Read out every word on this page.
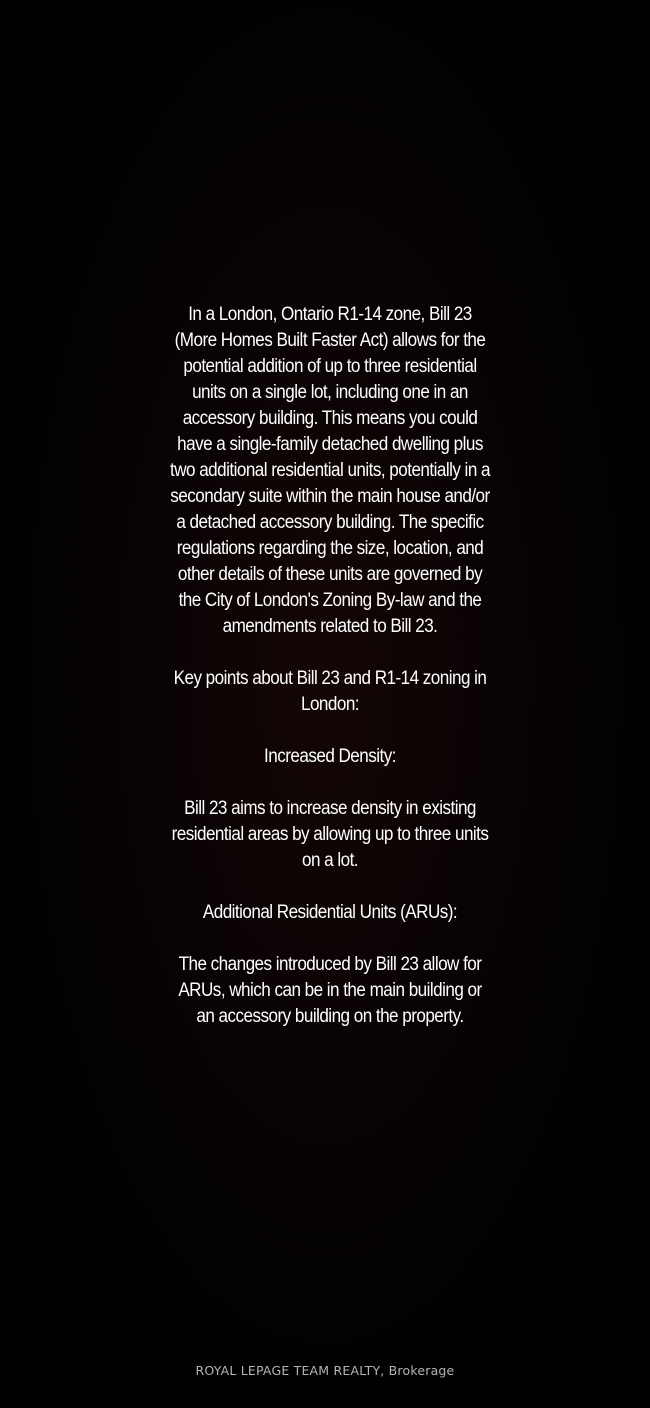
In a London, Ontario R1-14 zone, Bill 23 (More Homes Built Faster Act) allows for the potential addition of up to three residential units on a single lot, including one in an accessory building. This means you could have a single-family detached dwelling plus two additional residential units, potentially in a secondary suite within the main house and/or a detached accessory building. The specific regulations regarding the size, location, and other details of these units are governed by the City of London's Zoning By-law and the amendments related to Bill 23.

Key points about Bill 23 and R1-14 zoning in London:

Increased Density:

Bill 23 aims to increase density in existing residential areas by allowing up to three units on a lot.

Additional Residential Units (ARUs):

The changes introduced by Bill 23 allow for ARUs, which can be in the main building or an accessory building on the property.

ROYAL LEPAGE TEAM REALTY, Brokerage
